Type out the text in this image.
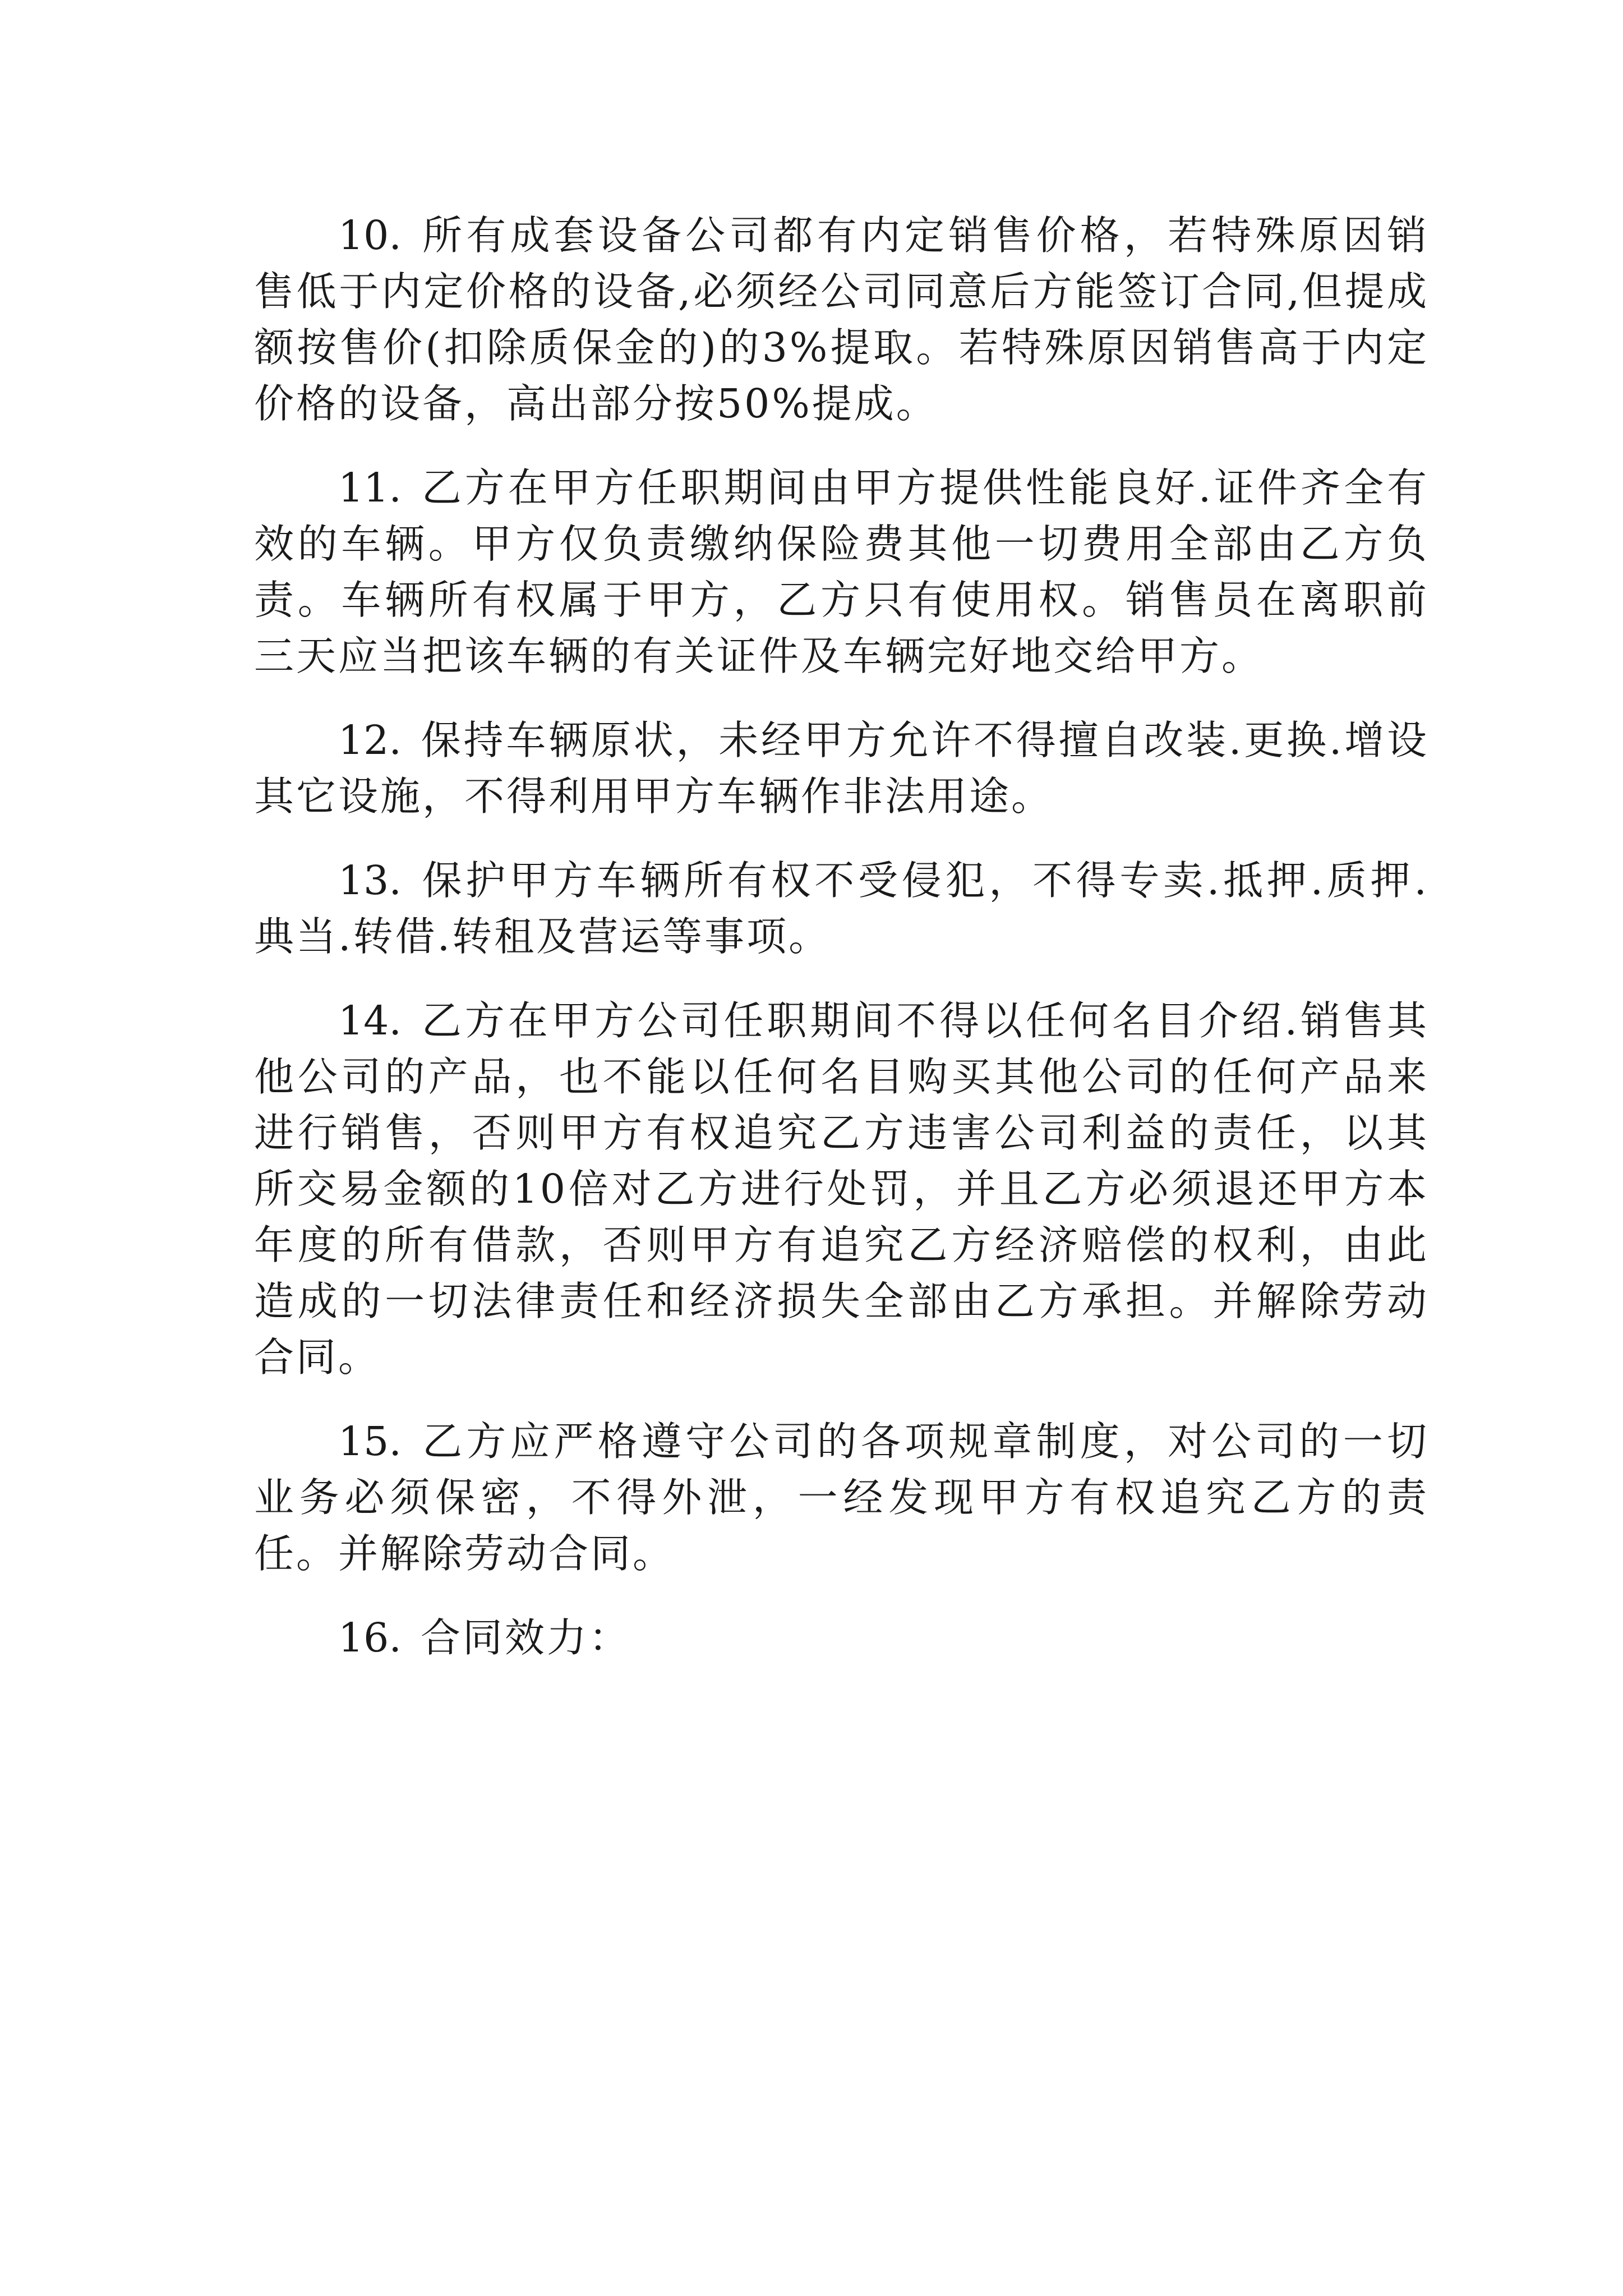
10. 所有成套设备公司都有内定销售价格，若特殊原因销售低于内定价格的设备,必须经公司同意后方能签订合同,但提成额按售价(扣除质保金的)的3%提取。若特殊原因销售高于内定价格的设备，高出部分按50%提成。

11. 乙方在甲方任职期间由甲方提供性能良好.证件齐全有效的车辆。甲方仅负责缴纳保险费其他一切费用全部由乙方负责。车辆所有权属于甲方，乙方只有使用权。销售员在离职前三天应当把该车辆的有关证件及车辆完好地交给甲方。

12. 保持车辆原状，未经甲方允许不得擅自改装.更换.增设其它设施，不得利用甲方车辆作非法用途。

13. 保护甲方车辆所有权不受侵犯，不得专卖.抵押.质押.典当.转借.转租及营运等事项。

14. 乙方在甲方公司任职期间不得以任何名目介绍.销售其他公司的产品，也不能以任何名目购买其他公司的任何产品来进行销售，否则甲方有权追究乙方违害公司利益的责任，以其所交易金额的10倍对乙方进行处罚，并且乙方必须退还甲方本年度的所有借款，否则甲方有追究乙方经济赔偿的权利，由此造成的一切法律责任和经济损失全部由乙方承担。并解除劳动合同。

15. 乙方应严格遵守公司的各项规章制度，对公司的一切业务必须保密，不得外泄，一经发现甲方有权追究乙方的责任。并解除劳动合同。

16. 合同效力：
